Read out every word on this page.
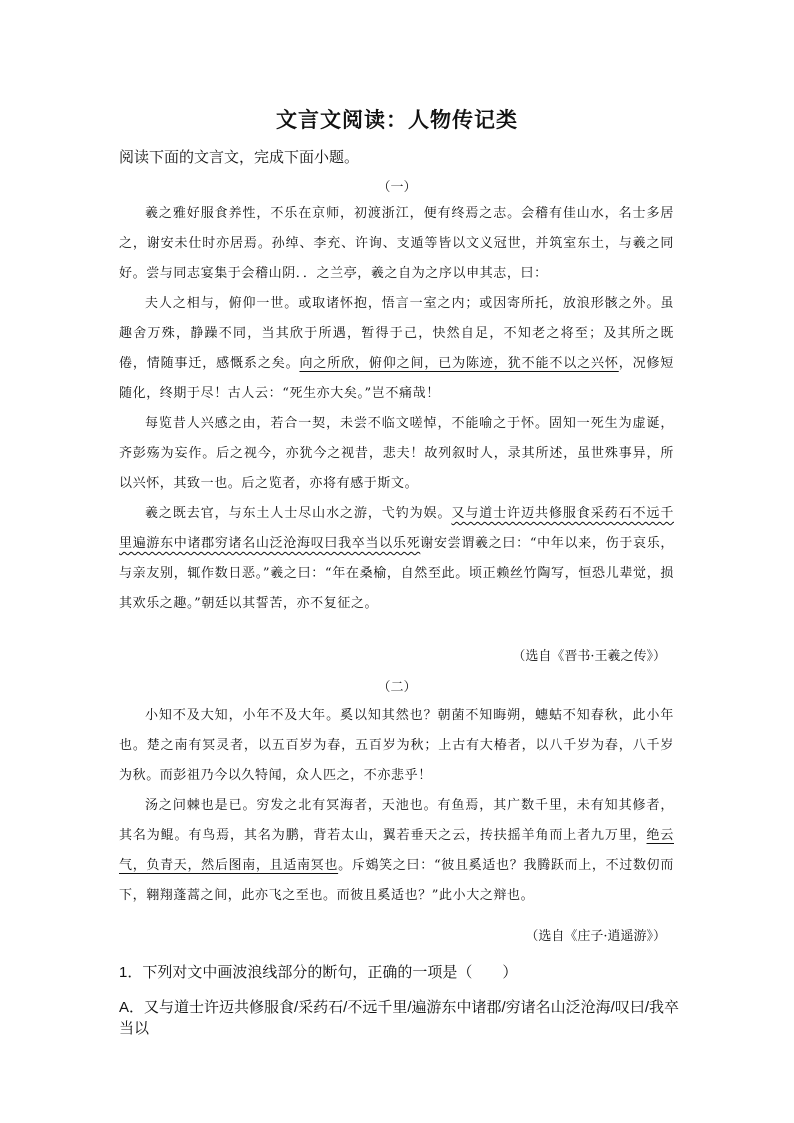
文言文阅读：人物传记类
阅读下面的文言文，完成下面小题。
（一）

羲之雅好服食养性，不乐在京师，初渡浙江，便有终焉之志。会稽有佳山水，名士多居之，谢安未仕时亦居焉。孙绰、李充、许询、支遁等皆以文义冠世，并筑室东土，与羲之同好。尝与同志宴集于会稽山阴．．之兰亭，羲之自为之序以申其志，曰：

夫人之相与，俯仰一世。或取诸怀抱，悟言一室之内；或因寄所托，放浪形骸之外。虽趣舍万殊，静躁不同，当其欣于所遇，暂得于己，快然自足，不知老之将至；及其所之既倦，情随事迁，感慨系之矣。向之所欣，俯仰之间，已为陈迹，犹不能不以之兴怀，况修短随化，终期于尽！古人云：“死生亦大矣。”岂不痛哉！

每览昔人兴感之由，若合一契，未尝不临文嗟悼，不能喻之于怀。固知一死生为虚诞，齐彭殇为妄作。后之视今，亦犹今之视昔，悲夫！故列叙时人，录其所述，虽世殊事异，所以兴怀，其致一也。后之览者，亦将有感于斯文。

羲之既去官，与东土人士尽山水之游，弋钓为娱。又与道士许迈共修服食采药石不远千里遍游东中诸郡穷诸名山泛沧海叹曰我卒当以乐死谢安尝谓羲之曰：“中年以来，伤于哀乐，与亲友别，辄作数日恶。”羲之曰：“年在桑榆，自然至此。顷正赖丝竹陶写，恒恐儿辈觉，损其欢乐之趣。”朝廷以其誓苦，亦不复征之。

（选自《晋书·王羲之传》）
（二）

小知不及大知，小年不及大年。奚以知其然也？朝菌不知晦朔，蟪蛄不知春秋，此小年也。楚之南有冥灵者，以五百岁为春，五百岁为秋；上古有大椿者，以八千岁为春，八千岁为秋。而彭祖乃今以久特闻，众人匹之，不亦悲乎！

汤之问棘也是已。穷发之北有冥海者，天池也。有鱼焉，其广数千里，未有知其修者，其名为鲲。有鸟焉，其名为鹏，背若太山，翼若垂天之云，抟扶摇羊角而上者九万里，绝云气，负青天，然后图南，且适南冥也。斥鴳笑之曰：“彼且奚适也？我腾跃而上，不过数仞而下，翱翔蓬蒿之间，此亦飞之至也。而彼且奚适也？”此小大之辩也。

（选自《庄子·逍遥游》）
1．下列对文中画波浪线部分的断句，正确的一项是（　　）
A．又与道士许迈共修服食/采药石/不远千里/遍游东中诸郡/穷诸名山泛沧海/叹曰/我卒当以
